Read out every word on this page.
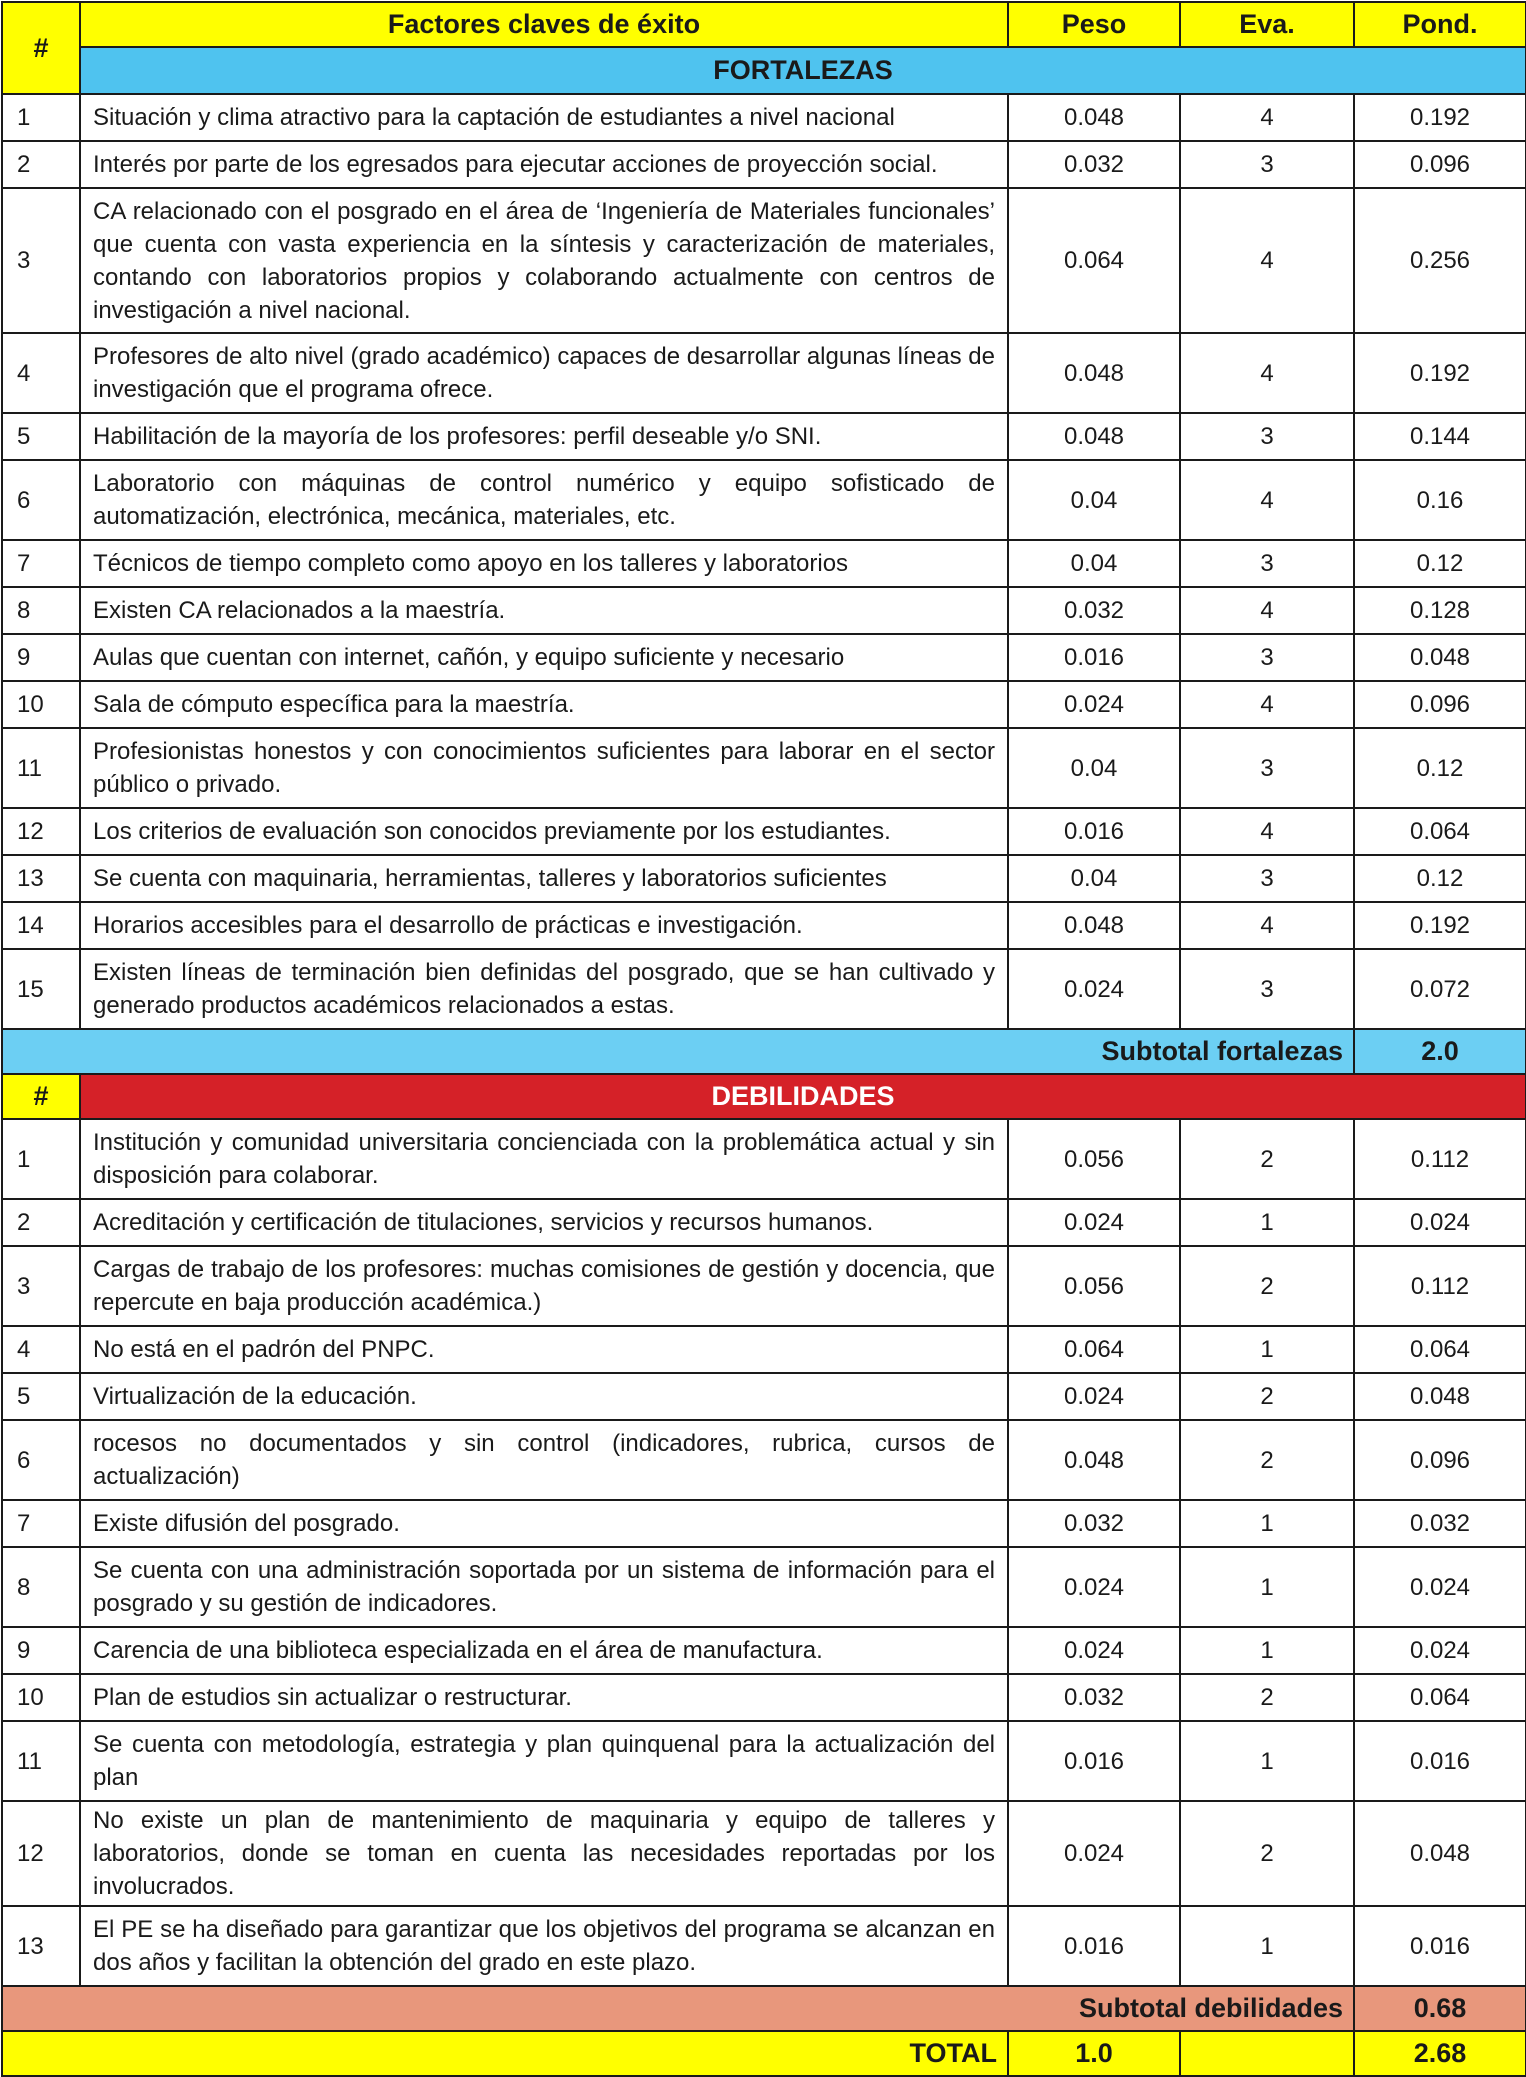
#	Factores claves de éxito	Peso	Eva.	Pond.
	FORTALEZAS			
1	Situación y clima atractivo para la captación de estudiantes a nivel nacional	0.048	4	0.192
2	Interés por parte de los egresados para ejecutar acciones de proyección social.	0.032	3	0.096
3	CA relacionado con el posgrado en el área de ‘Ingeniería de Materiales funcionales’ que cuenta con vasta experiencia en la síntesis y caracterización de materiales, contando con laboratorios propios y colaborando actualmente con centros de investigación a nivel nacional.	0.064	4	0.256
4	Profesores de alto nivel (grado académico) capaces de desarrollar algunas líneas de investigación que el programa ofrece.	0.048	4	0.192
5	Habilitación de la mayoría de los profesores: perfil deseable y/o SNI.	0.048	3	0.144
6	Laboratorio con máquinas de control numérico y equipo sofisticado de automatización, electrónica, mecánica, materiales, etc.	0.04	4	0.16
7	Técnicos de tiempo completo como apoyo en los talleres y laboratorios	0.04	3	0.12
8	Existen CA relacionados a la maestría.	0.032	4	0.128
9	Aulas que cuentan con internet, cañón, y equipo suficiente y necesario	0.016	3	0.048
10	Sala de cómputo específica para la maestría.	0.024	4	0.096
11	Profesionistas honestos y con conocimientos suficientes para laborar en el sector público o privado.	0.04	3	0.12
12	Los criterios de evaluación son conocidos previamente por los estudiantes.	0.016	4	0.064
13	Se cuenta con maquinaria, herramientas, talleres y laboratorios suficientes	0.04	3	0.12
14	Horarios accesibles para el desarrollo de prácticas e investigación.	0.048	4	0.192
15	Existen líneas de terminación bien definidas del posgrado, que se han cultivado y generado productos académicos relacionados a estas.	0.024	3	0.072
Subtotal fortalezas				2.0
#	DEBILIDADES			
1	Institución y comunidad universitaria concienciada con la problemática actual y sin disposición para colaborar.	0.056	2	0.112
2	Acreditación y certificación de titulaciones, servicios y recursos humanos.	0.024	1	0.024
3	Cargas de trabajo de los profesores: muchas comisiones de gestión y docencia, que repercute en baja producción académica.)	0.056	2	0.112
4	No está en el padrón del PNPC.	0.064	1	0.064
5	Virtualización de la educación.	0.024	2	0.048
6	rocesos no documentados y sin control (indicadores, rubrica, cursos de actualización)	0.048	2	0.096
7	Existe difusión del posgrado.	0.032	1	0.032
8	Se cuenta con una administración soportada por un sistema de información para el posgrado y su gestión de indicadores.	0.024	1	0.024
9	Carencia de una biblioteca especializada en el área de manufactura.	0.024	1	0.024
10	Plan de estudios sin actualizar o restructurar.	0.032	2	0.064
11	Se cuenta con metodología, estrategia y plan quinquenal para la actualización del plan	0.016	1	0.016
12	No existe un plan de mantenimiento de maquinaria y equipo de talleres y laboratorios, donde se toman en cuenta las necesidades reportadas por los involucrados.	0.024	2	0.048
13	El PE se ha diseñado para garantizar que los objetivos del programa se alcanzan en dos años y facilitan la obtención del grado en este plazo.	0.016	1	0.016
Subtotal debilidades				0.68
TOTAL		1.0		2.68
